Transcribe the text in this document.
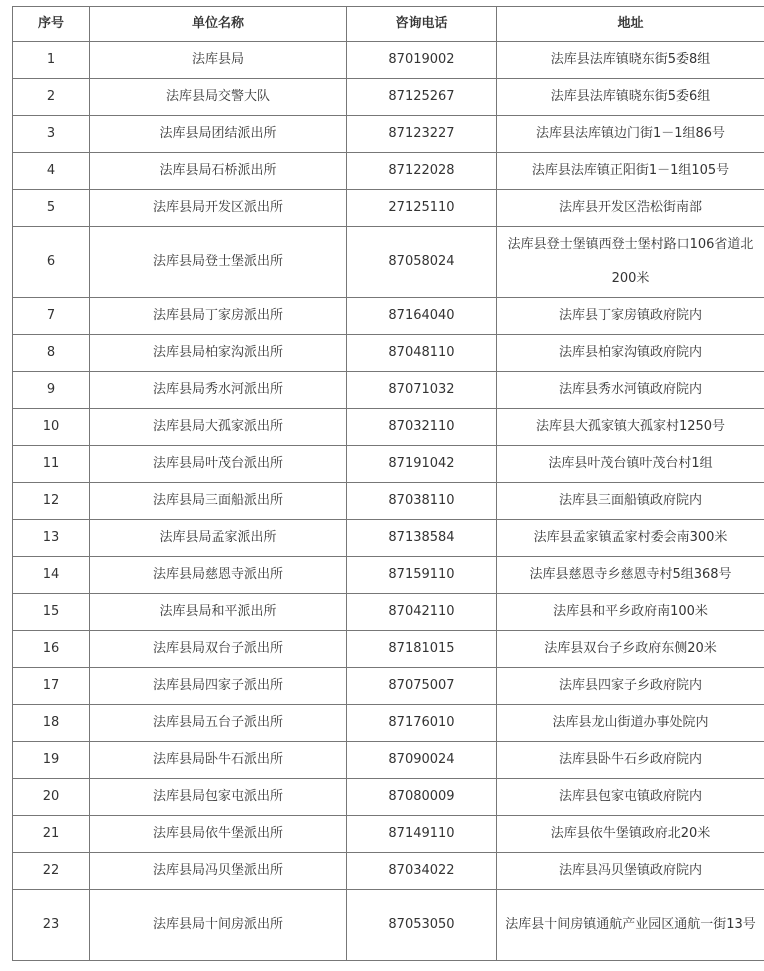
序号	单位名称	咨询电话	地址
1	法库县局	87019002	法库县法库镇晓东街5委8组
2	法库县局交警大队	87125267	法库县法库镇晓东街5委6组
3	法库县局团结派出所	87123227	法库县法库镇边门街1－1组86号
4	法库县局石桥派出所	87122028	法库县法库镇正阳街1－1组105号
5	法库县局开发区派出所	27125110	法库县开发区浩松街南部
6	法库县局登士堡派出所	87058024	法库县登士堡镇西登士堡村路口106省道北200米
7	法库县局丁家房派出所	87164040	法库县丁家房镇政府院内
8	法库县局柏家沟派出所	87048110	法库县柏家沟镇政府院内
9	法库县局秀水河派出所	87071032	法库县秀水河镇政府院内
10	法库县局大孤家派出所	87032110	法库县大孤家镇大孤家村1250号
11	法库县局叶茂台派出所	87191042	法库县叶茂台镇叶茂台村1组
12	法库县局三面船派出所	87038110	法库县三面船镇政府院内
13	法库县局孟家派出所	87138584	法库县孟家镇孟家村委会南300米
14	法库县局慈恩寺派出所	87159110	法库县慈恩寺乡慈恩寺村5组368号
15	法库县局和平派出所	87042110	法库县和平乡政府南100米
16	法库县局双台子派出所	87181015	法库县双台子乡政府东侧20米
17	法库县局四家子派出所	87075007	法库县四家子乡政府院内
18	法库县局五台子派出所	87176010	法库县龙山街道办事处院内
19	法库县局卧牛石派出所	87090024	法库县卧牛石乡政府院内
20	法库县局包家屯派出所	87080009	法库县包家屯镇政府院内
21	法库县局依牛堡派出所	87149110	法库县依牛堡镇政府北20米
22	法库县局冯贝堡派出所	87034022	法库县冯贝堡镇政府院内
23	法库县局十间房派出所	87053050	法库县十间房镇通航产业园区通航一街13号
